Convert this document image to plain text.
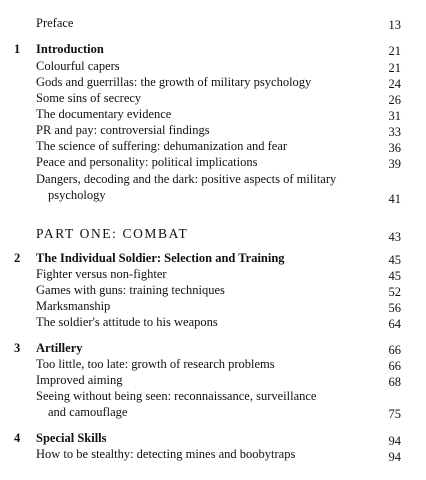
Preface	13
1 Introduction	21
Colourful capers	21
Gods and guerrillas: the growth of military psychology	24
Some sins of secrecy	26
The documentary evidence	31
PR and pay: controversial findings	33
The science of suffering: dehumanization and fear	36
Peace and personality: political implications	39
Dangers, decoding and the dark: positive aspects of military
psychology	41
PART ONE: COMBAT	43
2 The Individual Soldier: Selection and Training	45
Fighter versus non-fighter	45
Games with guns: training techniques	52
Marksmanship	56
The soldier's attitude to his weapons	64
3 Artillery	66
Too little, too late: growth of research problems	66
Improved aiming	68
Seeing without being seen: reconnaissance, surveillance
and camouflage	75
4 Special Skills	94
How to be stealthy: detecting mines and boobytraps	94
